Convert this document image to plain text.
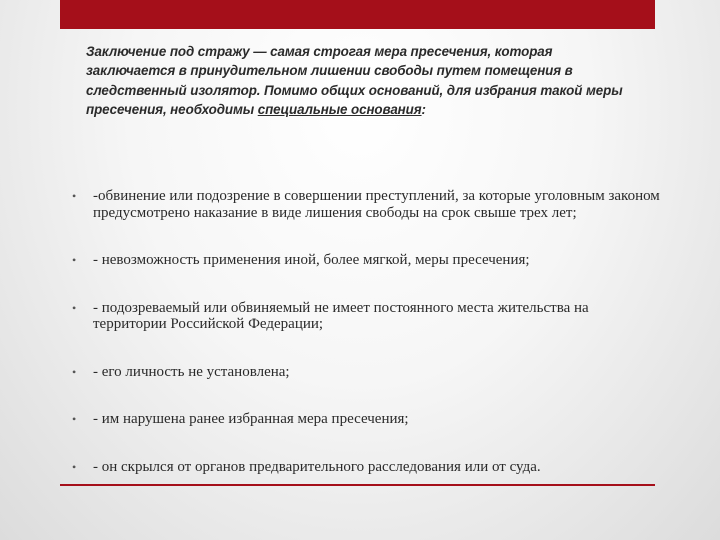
Заключение под стражу — самая строгая мера пресечения, которая заключается в принудительном лишении свободы путем помещения в следственный изолятор. Помимо общих оснований, для избрания такой меры пресечения, необходимы специальные основания:
• -обвинение или подозрение в совершении преступлений, за которые уголовным законом предусмотрено наказание в виде лишения свободы на срок свыше трех лет;
• - невозможность применения иной, более мягкой, меры пресечения;
• - подозреваемый или обвиняемый не имеет постоянного места жительства на территории Российской Федерации;
• - его личность не установлена;
• - им нарушена ранее избранная мера пресечения;
• - он скрылся от органов предварительного расследования или от суда.
